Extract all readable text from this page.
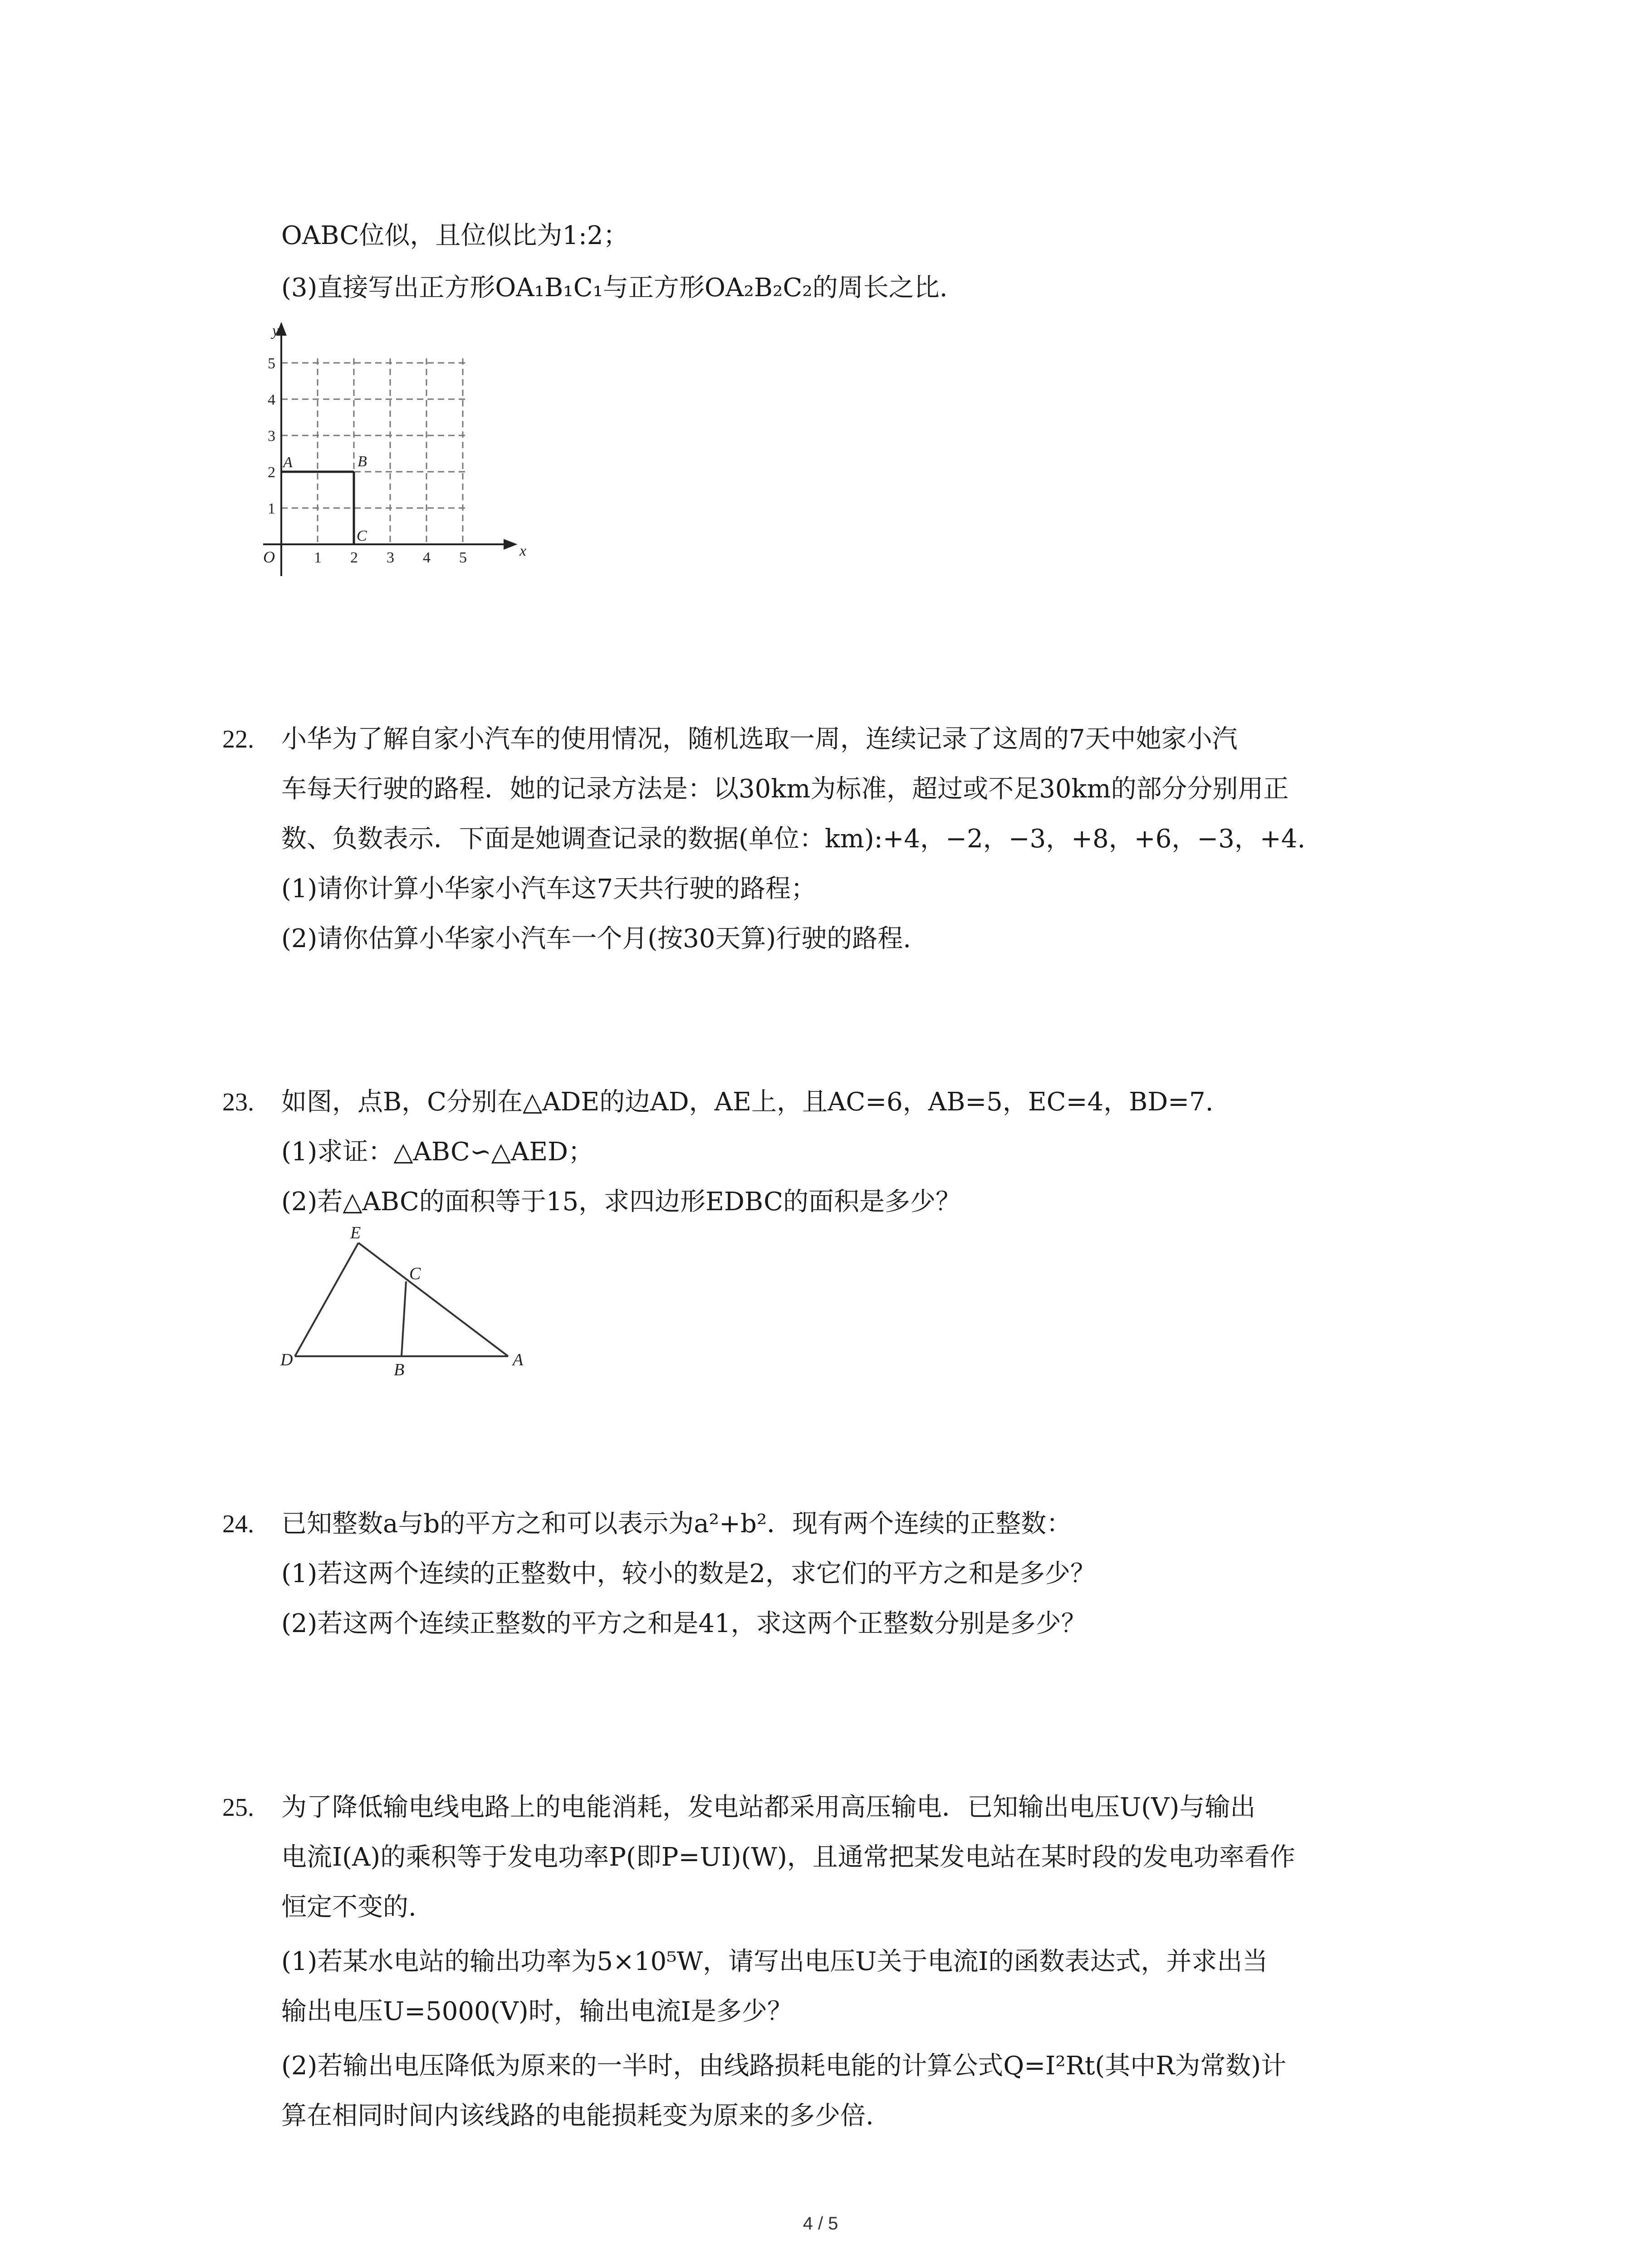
OABC位似，且位似比为1:2；
(3)直接写出正方形OA₁B₁C₁与正方形OA₂B₂C₂的周长之比.
y
x
O	1 2 3 4 5
1
2
3
4
5
A	B
C
22. 小华为了解自家小汽车的使用情况，随机选取一周，连续记录了这周的7天中她家小汽
车每天行驶的路程．她的记录方法是：以30km为标准，超过或不足30km的部分分别用正
数、负数表示．下面是她调查记录的数据(单位：km):+4，−2，−3，+8，+6，−3，+4.
(1)请你计算小华家小汽车这7天共行驶的路程；
(2)请你估算小华家小汽车一个月(按30天算)行驶的路程.
23. 如图，点B，C分别在△ADE的边AD，AE上，且AC=6，AB=5，EC=4，BD=7.
(1)求证：△ABC∽△AED；
(2)若△ABC的面积等于15，求四边形EDBC的面积是多少？
E
C
D
B
A
24. 已知整数a与b的平方之和可以表示为a²+b²．现有两个连续的正整数：
(1)若这两个连续的正整数中，较小的数是2，求它们的平方之和是多少？
(2)若这两个连续正整数的平方之和是41，求这两个正整数分别是多少？
25. 为了降低输电线电路上的电能消耗，发电站都采用高压输电．已知输出电压U(V)与输出
电流I(A)的乘积等于发电功率P(即P=UI)(W)，且通常把某发电站在某时段的发电功率看作
恒定不变的.
(1)若某水电站的输出功率为5×10⁵W，请写出电压U关于电流I的函数表达式，并求出当
输出电压U=5000(V)时，输出电流I是多少？
(2)若输出电压降低为原来的一半时，由线路损耗电能的计算公式Q=I²Rt(其中R为常数)计
算在相同时间内该线路的电能损耗变为原来的多少倍.
4 / 5
